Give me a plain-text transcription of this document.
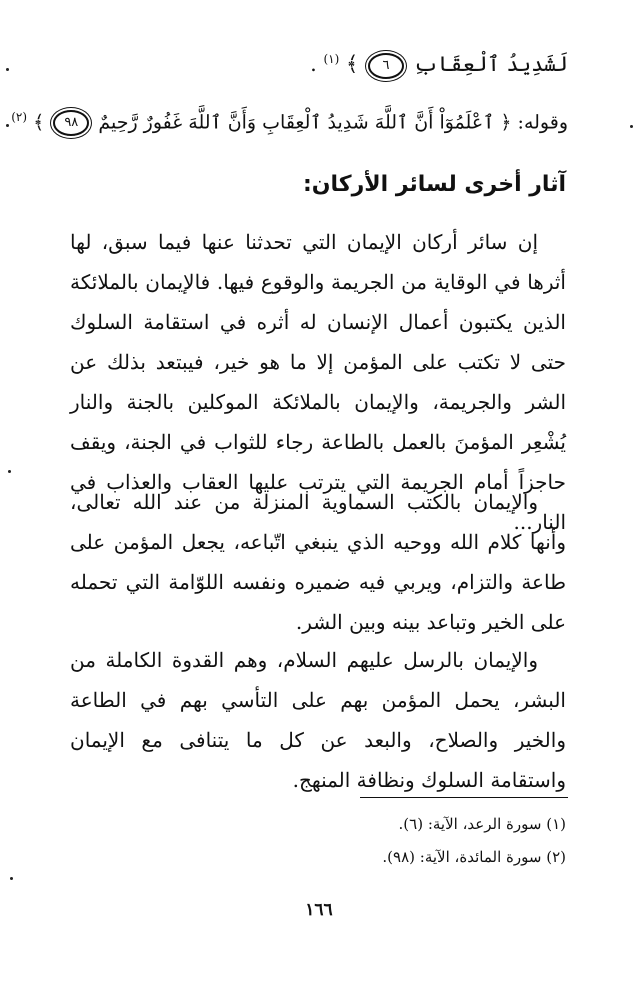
لَشَدِيدُ ٱلْعِقَابِ ٦ ﴾ $^{(١)}$ .
وقوله: ﴿ ٱعْلَمُوٓاْ أَنَّ ٱللَّهَ شَدِيدُ ٱلْعِقَابِ وَأَنَّ ٱللَّهَ غَفُورٌ رَّحِيمٌ ٩٨ ﴾ $^{(٢)}$
آثار أخرى لسائر الأركان:

إن سائر أركان الإيمان التي تحدثنا عنها فيما سبق، لها أثرها في الوقاية من الجريمة والوقوع فيها. فالإيمان بالملائكة الذين يكتبون أعمال الإنسان له أثره في استقامة السلوك حتى لا تكتب على المؤمن إلا ما هو خير، فيبتعد بذلك عن الشر والجريمة، والإيمان بالملائكة الموكلين بالجنة والنار يُشْعِر المؤمنَ بالعمل بالطاعة رجاء للثواب في الجنة، ويقف حاجزاً أمام الجريمة التي يترتب عليها العقاب والعذاب في النار...

والإيمان بالكتب السماوية المنزلة من عند الله تعالى، وأنها كلام الله ووحيه الذي ينبغي اتّباعه، يجعل المؤمن على طاعة والتزام، ويربي فيه ضميره ونفسه اللوّامة التي تحمله على الخير وتباعد بينه وبين الشر.

والإيمان بالرسل عليهم السلام، وهم القدوة الكاملة من البشر، يحمل المؤمن بهم على التأسي بهم في الطاعة والخير والصلاح، والبعد عن كل ما يتنافى مع الإيمان واستقامة السلوك ونظافة المنهج.

(١) سورة الرعد، الآية: (٦).
(٢) سورة المائدة، الآية: (٩٨).
١٦٦
